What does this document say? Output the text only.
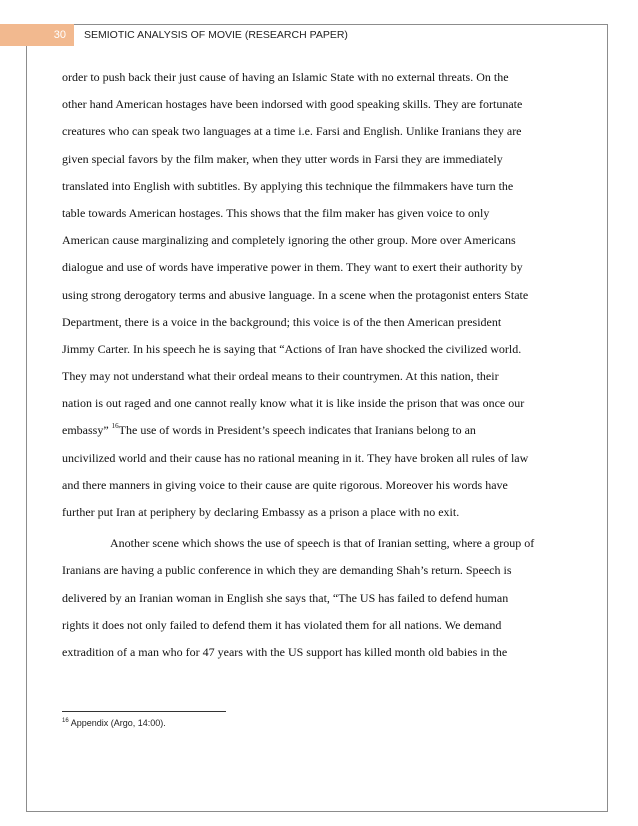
30	SEMIOTIC ANALYSIS OF MOVIE (RESEARCH PAPER)
order to push back their just cause of having an Islamic State with no external threats. On the
other hand American hostages have been indorsed with good speaking skills. They are fortunate
creatures who can speak two languages at a time i.e. Farsi and English. Unlike Iranians they are
given special favors by the film maker, when they utter words in Farsi they are immediately
translated into English with subtitles. By applying this technique the filmmakers have turn the
table towards American hostages. This shows that the film maker has given voice to only
American cause marginalizing and completely ignoring the other group. More over Americans
dialogue and use of words have imperative power in them. They want to exert their authority by
using strong derogatory terms and abusive language. In a scene when the protagonist enters State
Department, there is a voice in the background; this voice is of the then American president
Jimmy Carter. In his speech he is saying that “Actions of Iran have shocked the civilized world.
They may not understand what their ordeal means to their countrymen. At this nation, their
nation is out raged and one cannot really know what it is like inside the prison that was once our
embassy” $^{16}$The use of words in President’s speech indicates that Iranians belong to an
uncivilized world and their cause has no rational meaning in it. They have broken all rules of law
and there manners in giving voice to their cause are quite rigorous. Moreover his words have
further put Iran at periphery by declaring Embassy as a prison a place with no exit.
Another scene which shows the use of speech is that of Iranian setting, where a group of
Iranians are having a public conference in which they are demanding Shah’s return. Speech is
delivered by an Iranian woman in English she says that, “The US has failed to defend human
rights it does not only failed to defend them it has violated them for all nations. We demand
extradition of a man who for 47 years with the US support has killed month old babies in the
$^{16}$ Appendix (Argo, 14:00).
